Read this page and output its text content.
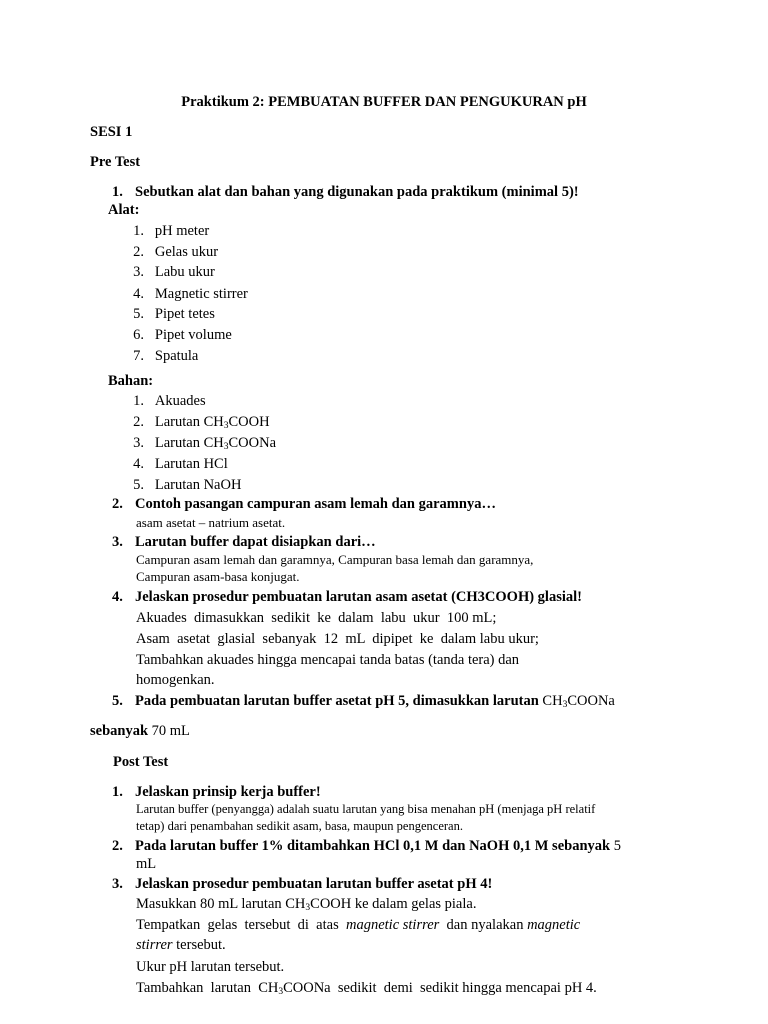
Praktikum 2: PEMBUATAN BUFFER DAN PENGUKURAN pH
SESI 1
Pre Test
1. Sebutkan alat dan bahan yang digunakan pada praktikum (minimal 5)!
Alat:
1. pH meter
2. Gelas ukur
3. Labu ukur
4. Magnetic stirrer
5. Pipet tetes
6. Pipet volume
7. Spatula
Bahan:
1. Akuades
2. Larutan $CH_3COOH$
3. Larutan $CH_3COONa$
4. Larutan HCl
5. Larutan NaOH
2. Contoh pasangan campuran asam lemah dan garamnya…
asam asetat – natrium asetat.
3. Larutan buffer dapat disiapkan dari…
Campuran asam lemah dan garamnya, Campuran basa lemah dan garamnya,
Campuran asam-basa konjugat.
4. Jelaskan prosedur pembuatan larutan asam asetat (CH3COOH) glasial!
Akuades  dimasukkan  sedikit  ke  dalam  labu  ukur  100 mL;
Asam  asetat  glasial  sebanyak  12  mL  dipipet  ke  dalam labu ukur;
Tambahkan akuades hingga mencapai tanda batas (tanda tera) dan
homogenkan.
5. Pada pembuatan larutan buffer asetat pH 5, dimasukkan larutan $CH_3COONa$
sebanyak 70 mL
Post Test
1. Jelaskan prinsip kerja buffer!
Larutan buffer (penyangga) adalah suatu larutan yang bisa menahan pH (menjaga pH relatif
tetap) dari penambahan sedikit asam, basa, maupun pengenceran.
2. Pada larutan buffer 1% ditambahkan HCl 0,1 M dan NaOH 0,1 M sebanyak 5
mL
3. Jelaskan prosedur pembuatan larutan buffer asetat pH 4!
Masukkan 80 mL larutan $CH_3COOH$ ke dalam gelas piala.
Tempatkan  gelas  tersebut  di  atas  magnetic stirrer  dan nyalakan magnetic
stirrer tersebut.
Ukur pH larutan tersebut.
Tambahkan  larutan  $CH_3COONa$  sedikit  demi  sedikit hingga mencapai pH 4.
